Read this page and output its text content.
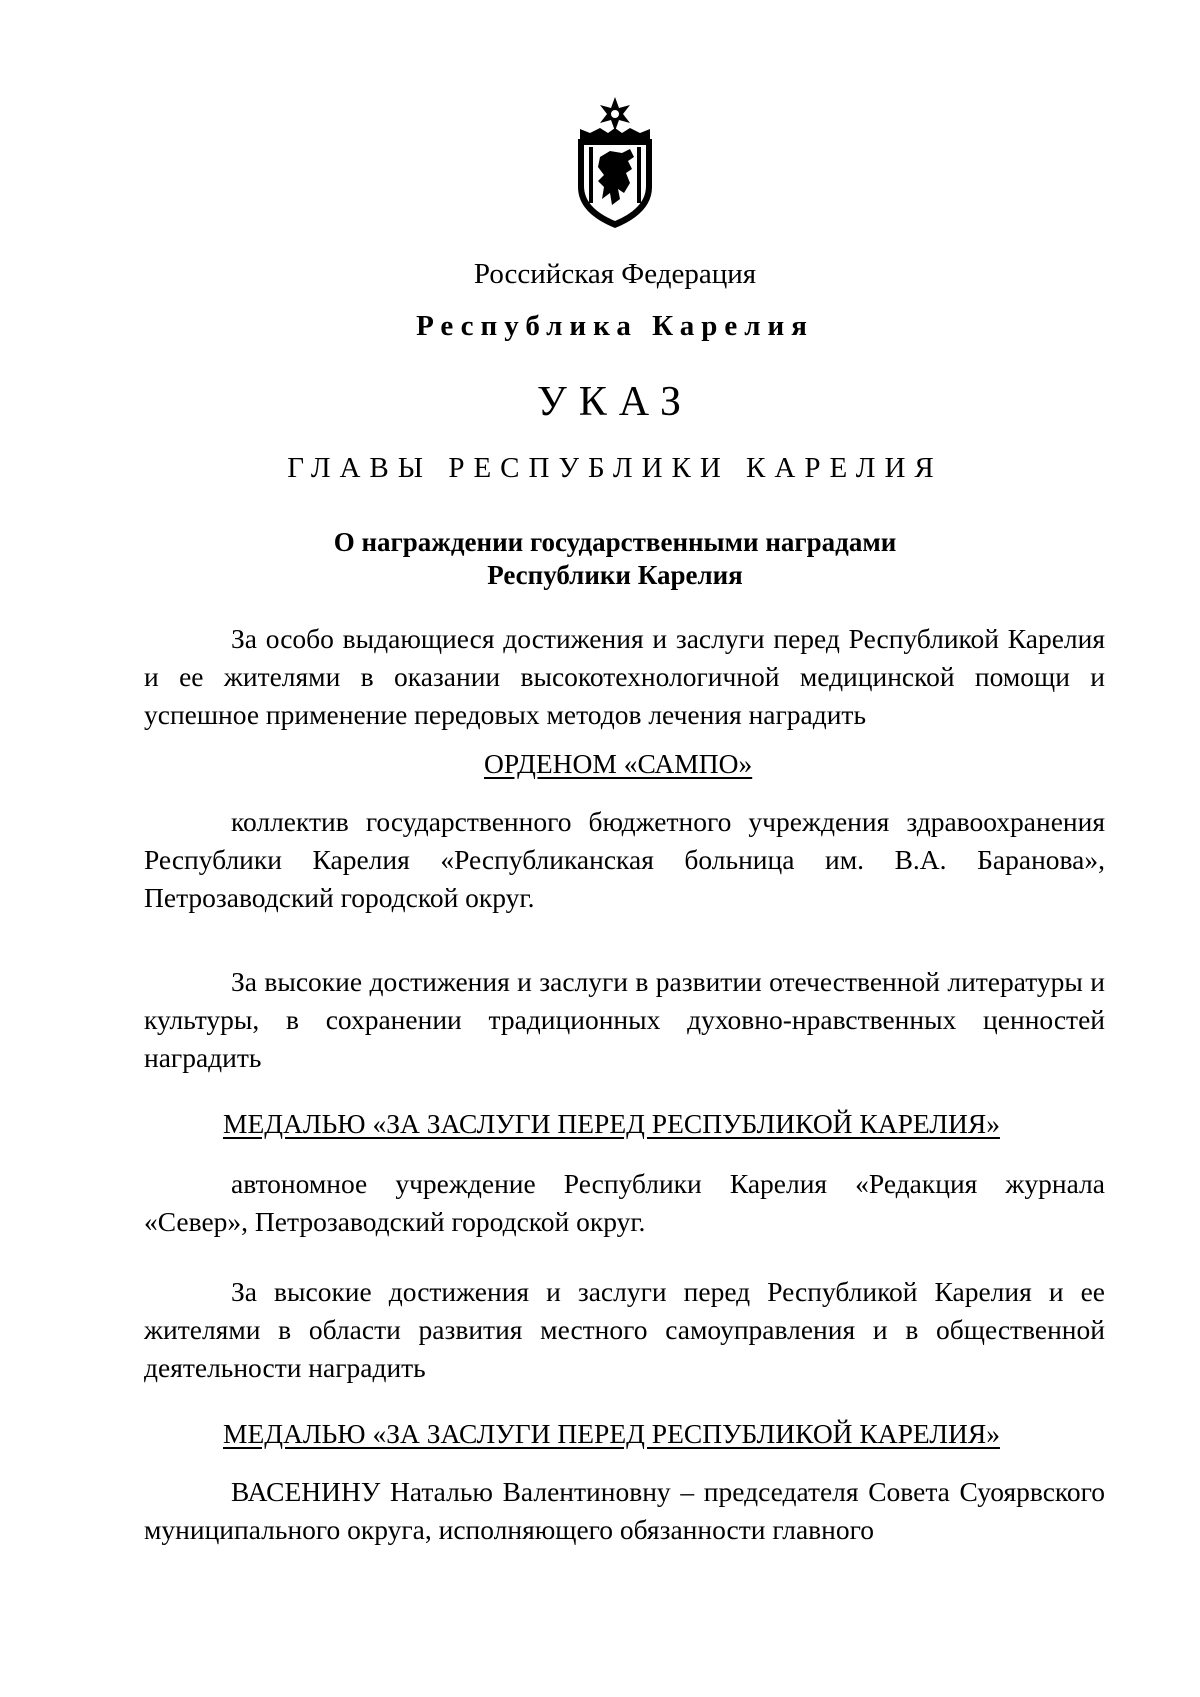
Российская Федерация
Республика Карелия
УКАЗ
ГЛАВЫ РЕСПУБЛИКИ КАРЕЛИЯ
О награждении государственными наградами
Республики Карелия
За особо выдающиеся достижения и заслуги перед Республикой Карелия и ее жителями в оказании высокотехнологичной медицинской помощи и успешное применение передовых методов лечения наградить
ОРДЕНОМ «САМПО»
коллектив государственного бюджетного учреждения здравоохранения Республики Карелия «Республиканская больница им. В.А. Баранова», Петрозаводский городской округ.
За высокие достижения и заслуги в развитии отечественной литературы и культуры, в сохранении традиционных духовно-нравственных ценностей наградить
МЕДАЛЬЮ «ЗА ЗАСЛУГИ ПЕРЕД РЕСПУБЛИКОЙ КАРЕЛИЯ»
автономное учреждение Республики Карелия «Редакция журнала «Север», Петрозаводский городской округ.
За высокие достижения и заслуги перед Республикой Карелия и ее жителями в области развития местного самоуправления и в общественной деятельности наградить
МЕДАЛЬЮ «ЗА ЗАСЛУГИ ПЕРЕД РЕСПУБЛИКОЙ КАРЕЛИЯ»
ВАСЕНИНУ Наталью Валентиновну – председателя Совета Суоярвского муниципального округа, исполняющего обязанности главного
